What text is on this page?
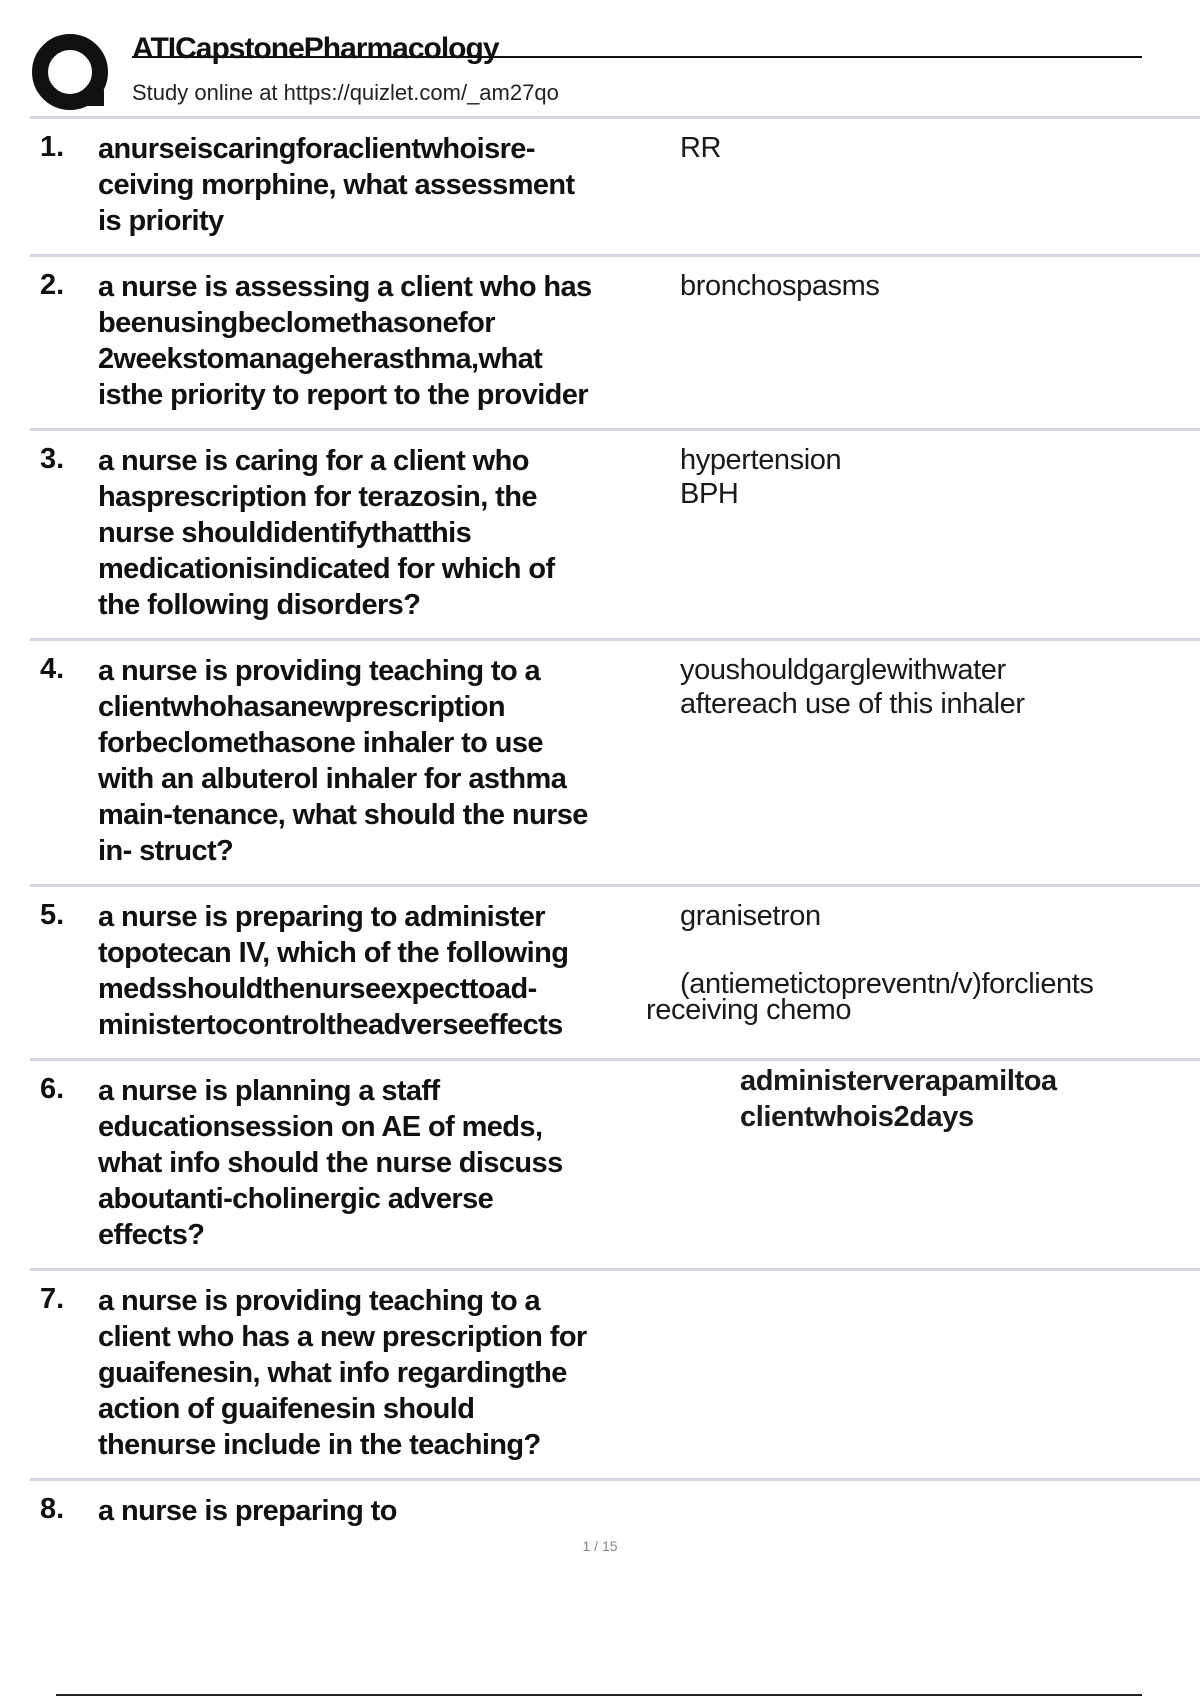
ATICapstonePharmacology
Study online at https://quizlet.com/_am27qo
1. anurseiscaringforaclientwhoisre-
ceiving morphine, what assessment
is priority
RR
2. a nurse is assessing a client who has
beenusingbeclomethasonefor
2weekstomanageherasthma,what
isthe priority to report to the provider
bronchospasms
3. a nurse is caring for a client who
hasprescription for terazosin, the
nurse shouldidentifythatthis
medicationisindicated for which of
the following disorders?
hypertension
BPH
4. a nurse is providing teaching to a
clientwhohasanewprescription
forbeclomethasone inhaler to use
with an albuterol inhaler for asthma
main-tenance, what should the nurse
in- struct?
youshouldgarglewithwater
aftereach use of this inhaler
5. a nurse is preparing to administer
topotecan IV, which of the following
medsshouldthenurseexpecttoad-
ministertocontroltheadverseeffects
granisetron

(antiemetictopreventn/v)forclients
receiving chemo
6. a nurse is planning a staff
educationsession on AE of meds,
what info should the nurse discuss
aboutanti-cholinergic adverse
effects?
administerverapamiltoa
clientwhois2days
7. a nurse is providing teaching to a
client who has a new prescription for
guaifenesin, what info regardingthe
action of guaifenesin should
thenurse include in the teaching?
8. a nurse is preparing to
1 / 15
